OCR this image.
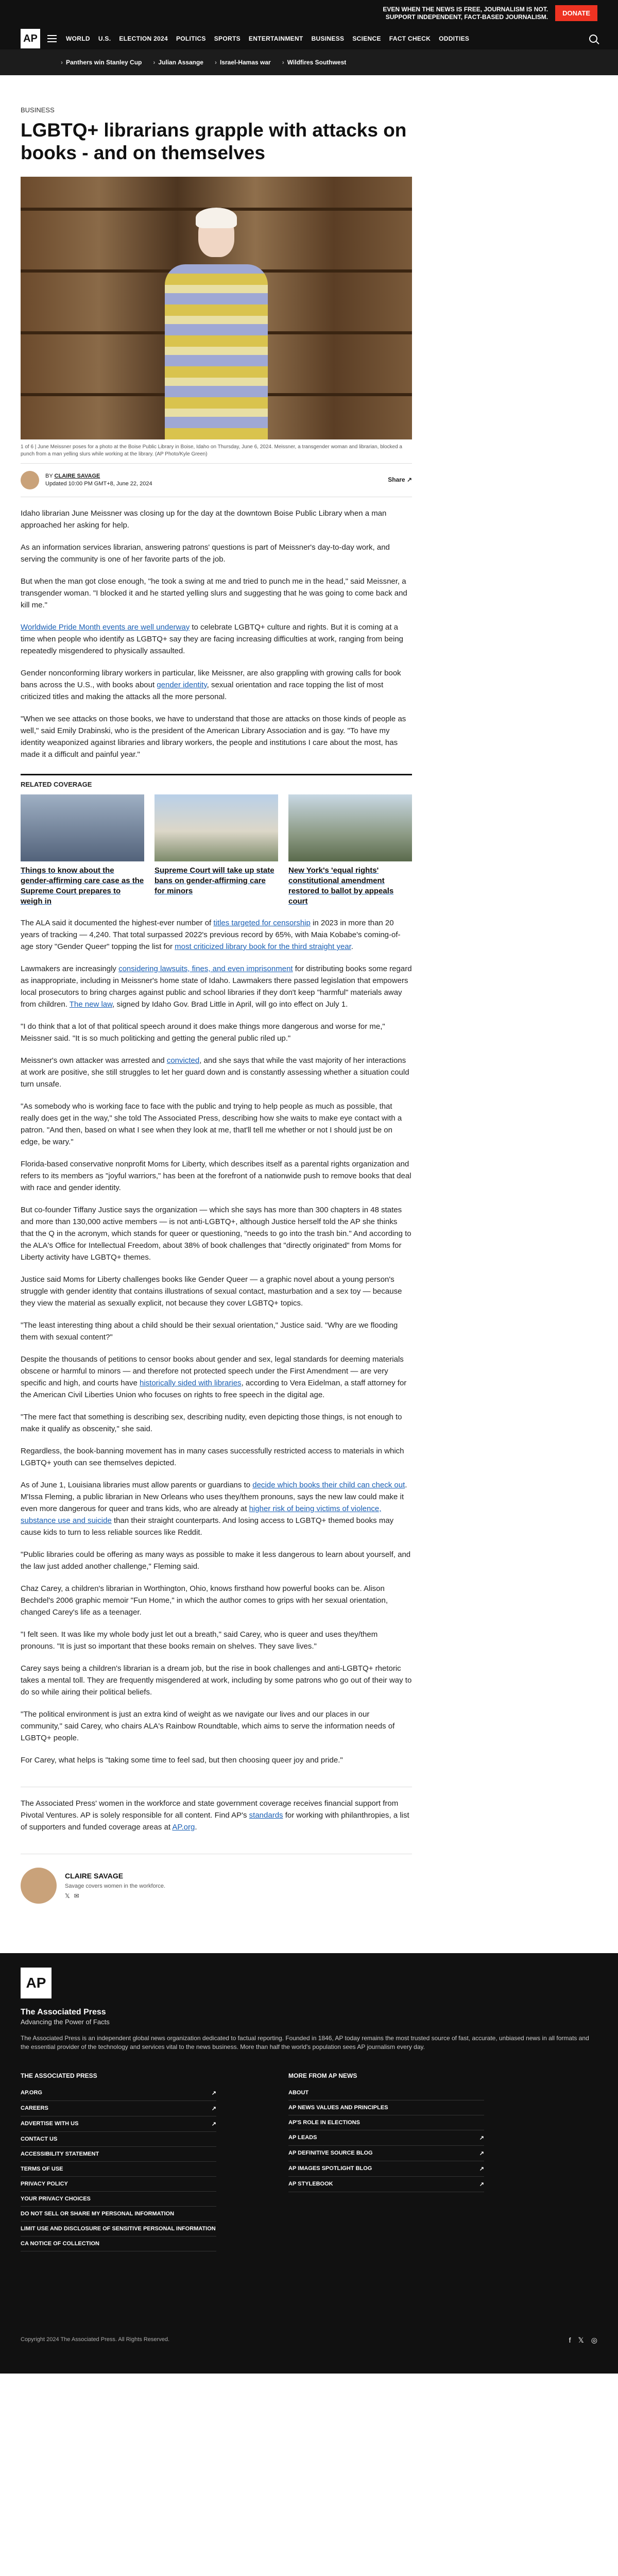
EVEN WHEN THE NEWS IS FREE, JOURNALISM IS NOT.
SUPPORT INDEPENDENT, FACT-BASED JOURNALISM.	DONATE
AP	WORLD U.S. ELECTION 2024 POLITICS SPORTS ENTERTAINMENT BUSINESS SCIENCE FACT CHECK ODDITIES
› Panthers win Stanley Cup › Julian Assange › Israel-Hamas war › Wildfires Southwest
BUSINESS
LGBTQ+ librarians grapple with attacks on books - and on themselves
1 of 6 | June Meissner poses for a photo at the Boise Public Library in Boise, Idaho on Thursday, June 6, 2024. Meissner, a transgender woman and librarian, blocked a punch from a man yelling slurs while working at the library. (AP Photo/Kyle Green)
BY CLAIRE SAVAGE
Updated 10:00 PM GMT+8, June 22, 2024
Share ↗

Idaho librarian June Meissner was closing up for the day at the downtown Boise Public Library when a man approached her asking for help.

As an information services librarian, answering patrons' questions is part of Meissner's day-to-day work, and serving the community is one of her favorite parts of the job.

But when the man got close enough, "he took a swing at me and tried to punch me in the head," said Meissner, a transgender woman. "I blocked it and he started yelling slurs and suggesting that he was going to come back and kill me."

Worldwide Pride Month events are well underway to celebrate LGBTQ+ culture and rights. But it is coming at a time when people who identify as LGBTQ+ say they are facing increasing difficulties at work, ranging from being repeatedly misgendered to physically assaulted.

Gender nonconforming library workers in particular, like Meissner, are also grappling with growing calls for book bans across the U.S., with books about gender identity, sexual orientation and race topping the list of most criticized titles and making the attacks all the more personal.

"When we see attacks on those books, we have to understand that those are attacks on those kinds of people as well," said Emily Drabinski, who is the president of the American Library Association and is gay. "To have my identity weaponized against libraries and library workers, the people and institutions I care about the most, has made it a difficult and painful year."

RELATED COVERAGE
Things to know about the gender-affirming care case as the Supreme Court prepares to weigh in
Supreme Court will take up state bans on gender-affirming care for minors
New York's 'equal rights' constitutional amendment restored to ballot by appeals court

The ALA said it documented the highest-ever number of titles targeted for censorship in 2023 in more than 20 years of tracking — 4,240. That total surpassed 2022's previous record by 65%, with Maia Kobabe's coming-of-age story "Gender Queer" topping the list for most criticized library book for the third straight year.

Lawmakers are increasingly considering lawsuits, fines, and even imprisonment for distributing books some regard as inappropriate, including in Meissner's home state of Idaho. Lawmakers there passed legislation that empowers local prosecutors to bring charges against public and school libraries if they don't keep "harmful" materials away from children. The new law, signed by Idaho Gov. Brad Little in April, will go into effect on July 1.

"I do think that a lot of that political speech around it does make things more dangerous and worse for me," Meissner said. "It is so much politicking and getting the general public riled up."

Meissner's own attacker was arrested and convicted, and she says that while the vast majority of her interactions at work are positive, she still struggles to let her guard down and is constantly assessing whether a situation could turn unsafe.

"As somebody who is working face to face with the public and trying to help people as much as possible, that really does get in the way," she told The Associated Press, describing how she waits to make eye contact with a patron. "And then, based on what I see when they look at me, that'll tell me whether or not I should just be on edge, be wary."

Florida-based conservative nonprofit Moms for Liberty, which describes itself as a parental rights organization and refers to its members as "joyful warriors," has been at the forefront of a nationwide push to remove books that deal with race and gender identity.

But co-founder Tiffany Justice says the organization — which she says has more than 300 chapters in 48 states and more than 130,000 active members — is not anti-LGBTQ+, although Justice herself told the AP she thinks that the Q in the acronym, which stands for queer or questioning, "needs to go into the trash bin." And according to the ALA's Office for Intellectual Freedom, about 38% of book challenges that "directly originated" from Moms for Liberty activity have LGBTQ+ themes.

Justice said Moms for Liberty challenges books like Gender Queer — a graphic novel about a young person's struggle with gender identity that contains illustrations of sexual contact, masturbation and a sex toy — because they view the material as sexually explicit, not because they cover LGBTQ+ topics.

"The least interesting thing about a child should be their sexual orientation," Justice said. "Why are we flooding them with sexual content?"

Despite the thousands of petitions to censor books about gender and sex, legal standards for deeming materials obscene or harmful to minors — and therefore not protected speech under the First Amendment — are very specific and high, and courts have historically sided with libraries, according to Vera Eidelman, a staff attorney for the American Civil Liberties Union who focuses on rights to free speech in the digital age.

"The mere fact that something is describing sex, describing nudity, even depicting those things, is not enough to make it qualify as obscenity," she said.

Regardless, the book-banning movement has in many cases successfully restricted access to materials in which LGBTQ+ youth can see themselves depicted.

As of June 1, Louisiana libraries must allow parents or guardians to decide which books their child can check out. M'Issa Fleming, a public librarian in New Orleans who uses they/them pronouns, says the new law could make it even more dangerous for queer and trans kids, who are already at higher risk of being victims of violence, substance use and suicide than their straight counterparts. And losing access to LGBTQ+ themed books may cause kids to turn to less reliable sources like Reddit.

"Public libraries could be offering as many ways as possible to make it less dangerous to learn about yourself, and the law just added another challenge," Fleming said.

Chaz Carey, a children's librarian in Worthington, Ohio, knows firsthand how powerful books can be. Alison Bechdel's 2006 graphic memoir "Fun Home," in which the author comes to grips with her sexual orientation, changed Carey's life as a teenager.

"I felt seen. It was like my whole body just let out a breath," said Carey, who is queer and uses they/them pronouns. "It is just so important that these books remain on shelves. They save lives."

Carey says being a children's librarian is a dream job, but the rise in book challenges and anti-LGBTQ+ rhetoric takes a mental toll. They are frequently misgendered at work, including by some patrons who go out of their way to do so while airing their political beliefs.

"The political environment is just an extra kind of weight as we navigate our lives and our places in our community," said Carey, who chairs ALA's Rainbow Roundtable, which aims to serve the information needs of LGBTQ+ people.

For Carey, what helps is "taking some time to feel sad, but then choosing queer joy and pride."

The Associated Press' women in the workforce and state government coverage receives financial support from Pivotal Ventures. AP is solely responsible for all content. Find AP's standards for working with philanthropies, a list of supporters and funded coverage areas at AP.org.

CLAIRE SAVAGE
Savage covers women in the workforce.
𝕏 ✉
AP
The Associated Press
Advancing the Power of Facts
The Associated Press is an independent global news organization dedicated to factual reporting. Founded in 1846, AP today remains the most trusted source of fast, accurate, unbiased news in all formats and the essential provider of the technology and services vital to the news business. More than half the world's population sees AP journalism every day.
THE ASSOCIATED PRESS
AP.ORG	↗
CAREERS	↗
ADVERTISE WITH US	↗
CONTACT US
ACCESSIBILITY STATEMENT
TERMS OF USE
PRIVACY POLICY
YOUR PRIVACY CHOICES
DO NOT SELL OR SHARE MY PERSONAL INFORMATION
LIMIT USE AND DISCLOSURE OF SENSITIVE PERSONAL INFORMATION
CA NOTICE OF COLLECTION
MORE FROM AP NEWS
ABOUT
AP NEWS VALUES AND PRINCIPLES
AP'S ROLE IN ELECTIONS
AP LEADS	↗
AP DEFINITIVE SOURCE BLOG	↗
AP IMAGES SPOTLIGHT BLOG	↗
AP STYLEBOOK	↗
Copyright 2024 The Associated Press. All Rights Reserved.	f 𝕏 ◎
